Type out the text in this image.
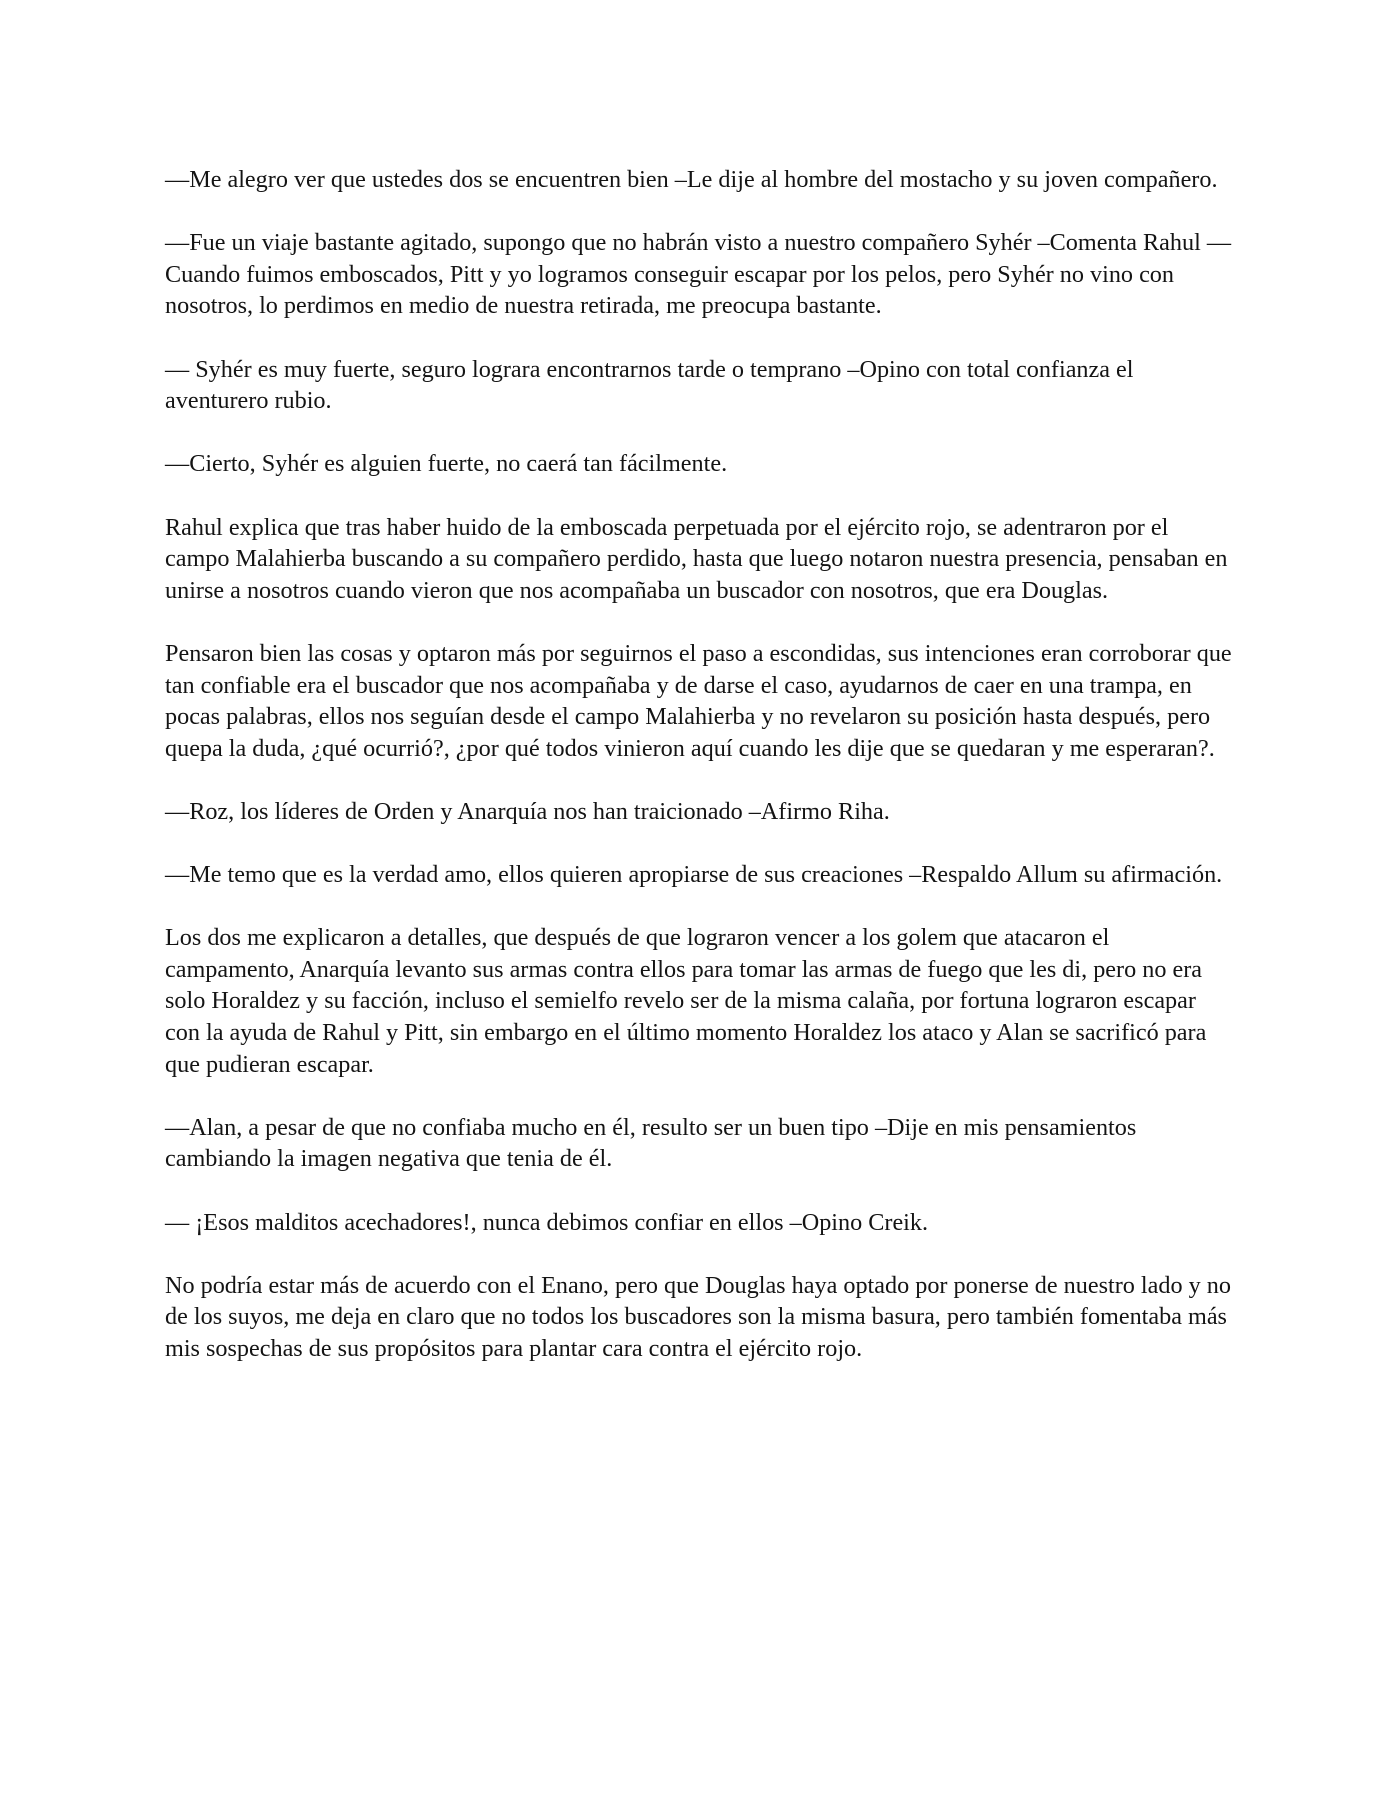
—Me alegro ver que ustedes dos se encuentren bien –Le dije al hombre del mostacho y su joven compañero.

—Fue un viaje bastante agitado, supongo que no habrán visto a nuestro compañero Syhér –Comenta Rahul —Cuando fuimos emboscados, Pitt y yo logramos conseguir escapar por los pelos, pero Syhér no vino con nosotros, lo perdimos en medio de nuestra retirada, me preocupa bastante.

— Syhér es muy fuerte, seguro lograra encontrarnos tarde o temprano –Opino con total confianza el aventurero rubio.

—Cierto, Syhér es alguien fuerte, no caerá tan fácilmente.

Rahul explica que tras haber huido de la emboscada perpetuada por el ejército rojo, se adentraron por el campo Malahierba buscando a su compañero perdido, hasta que luego notaron nuestra presencia, pensaban en unirse a nosotros cuando vieron que nos acompañaba un buscador con nosotros, que era Douglas.

Pensaron bien las cosas y optaron más por seguirnos el paso a escondidas, sus intenciones eran corroborar que tan confiable era el buscador que nos acompañaba y de darse el caso, ayudarnos de caer en una trampa, en pocas palabras, ellos nos seguían desde el campo Malahierba y no revelaron su posición hasta después, pero quepa la duda, ¿qué ocurrió?, ¿por qué todos vinieron aquí cuando les dije que se quedaran y me esperaran?.

—Roz, los líderes de Orden y Anarquía nos han traicionado –Afirmo Riha.

—Me temo que es la verdad amo, ellos quieren apropiarse de sus creaciones –Respaldo Allum su afirmación.

Los dos me explicaron a detalles, que después de que lograron vencer a los golem que atacaron el campamento, Anarquía levanto sus armas contra ellos para tomar las armas de fuego que les di, pero no era solo Horaldez y su facción, incluso el semielfo revelo ser de la misma calaña, por fortuna lograron escapar con la ayuda de Rahul y Pitt, sin embargo en el último momento Horaldez los ataco y Alan se sacrificó para que pudieran escapar.

—Alan, a pesar de que no confiaba mucho en él, resulto ser un buen tipo –Dije en mis pensamientos cambiando la imagen negativa que tenia de él.

— ¡Esos malditos acechadores!, nunca debimos confiar en ellos –Opino Creik.

No podría estar más de acuerdo con el Enano, pero que Douglas haya optado por ponerse de nuestro lado y no de los suyos, me deja en claro que no todos los buscadores son la misma basura, pero también fomentaba más mis sospechas de sus propósitos para plantar cara contra el ejército rojo.
